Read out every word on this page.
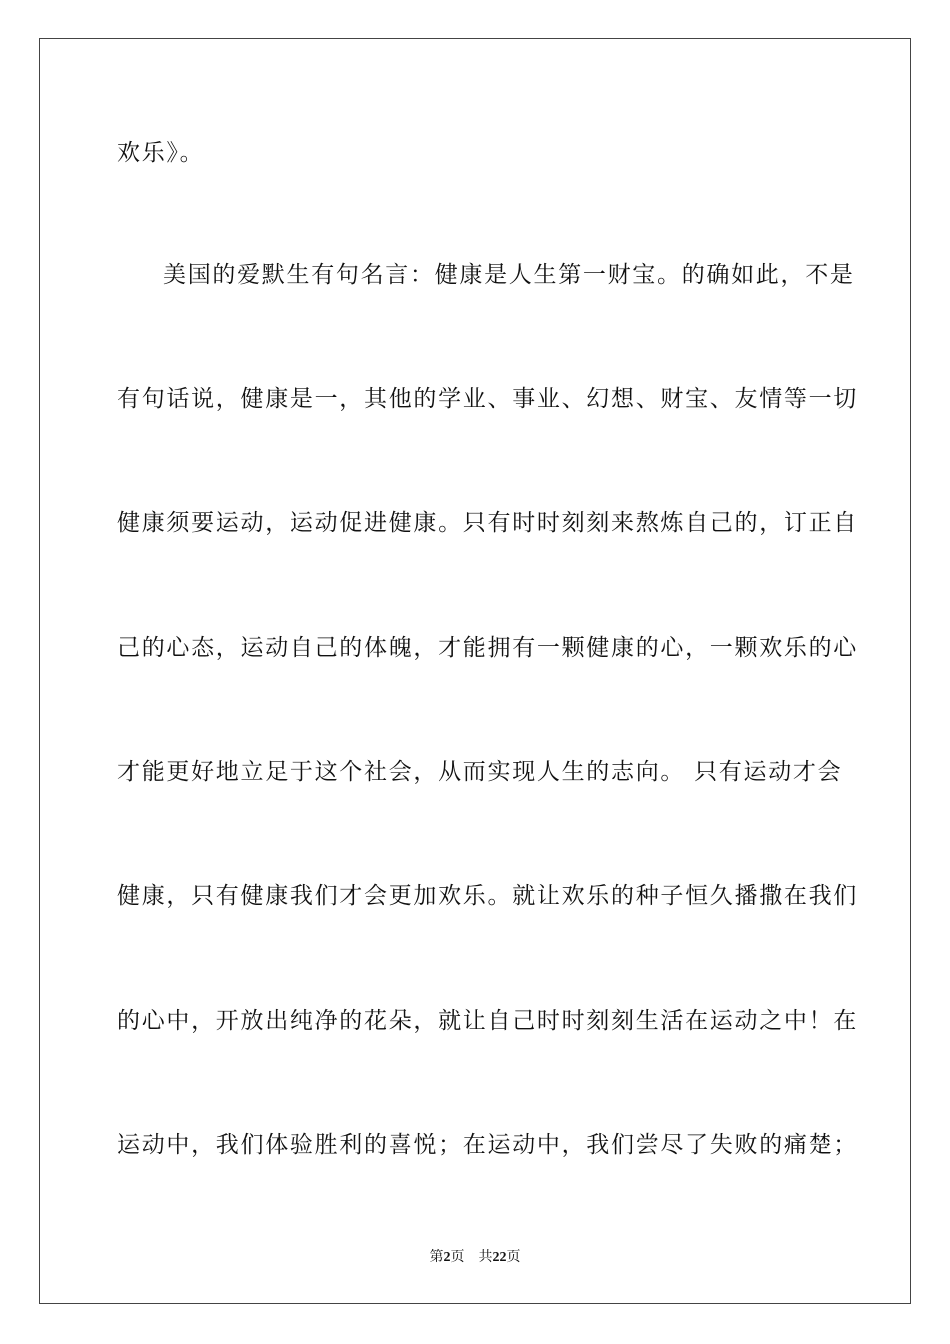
欢乐》。
美国的爱默生有句名言：健康是人生第一财宝。的确如此，不是
有句话说，健康是一，其他的学业、事业、幻想、财宝、友情等一切
健康须要运动，运动促进健康。只有时时刻刻来熬炼自己的，订正自
己的心态，运动自己的体魄，才能拥有一颗健康的心，一颗欢乐的心
才能更好地立足于这个社会，从而实现人生的志向。 只有运动才会
健康，只有健康我们才会更加欢乐。就让欢乐的种子恒久播撒在我们
的心中，开放出纯净的花朵，就让自己时时刻刻生活在运动之中！在
运动中，我们体验胜利的喜悦；在运动中，我们尝尽了失败的痛楚；
第2页 共22页
